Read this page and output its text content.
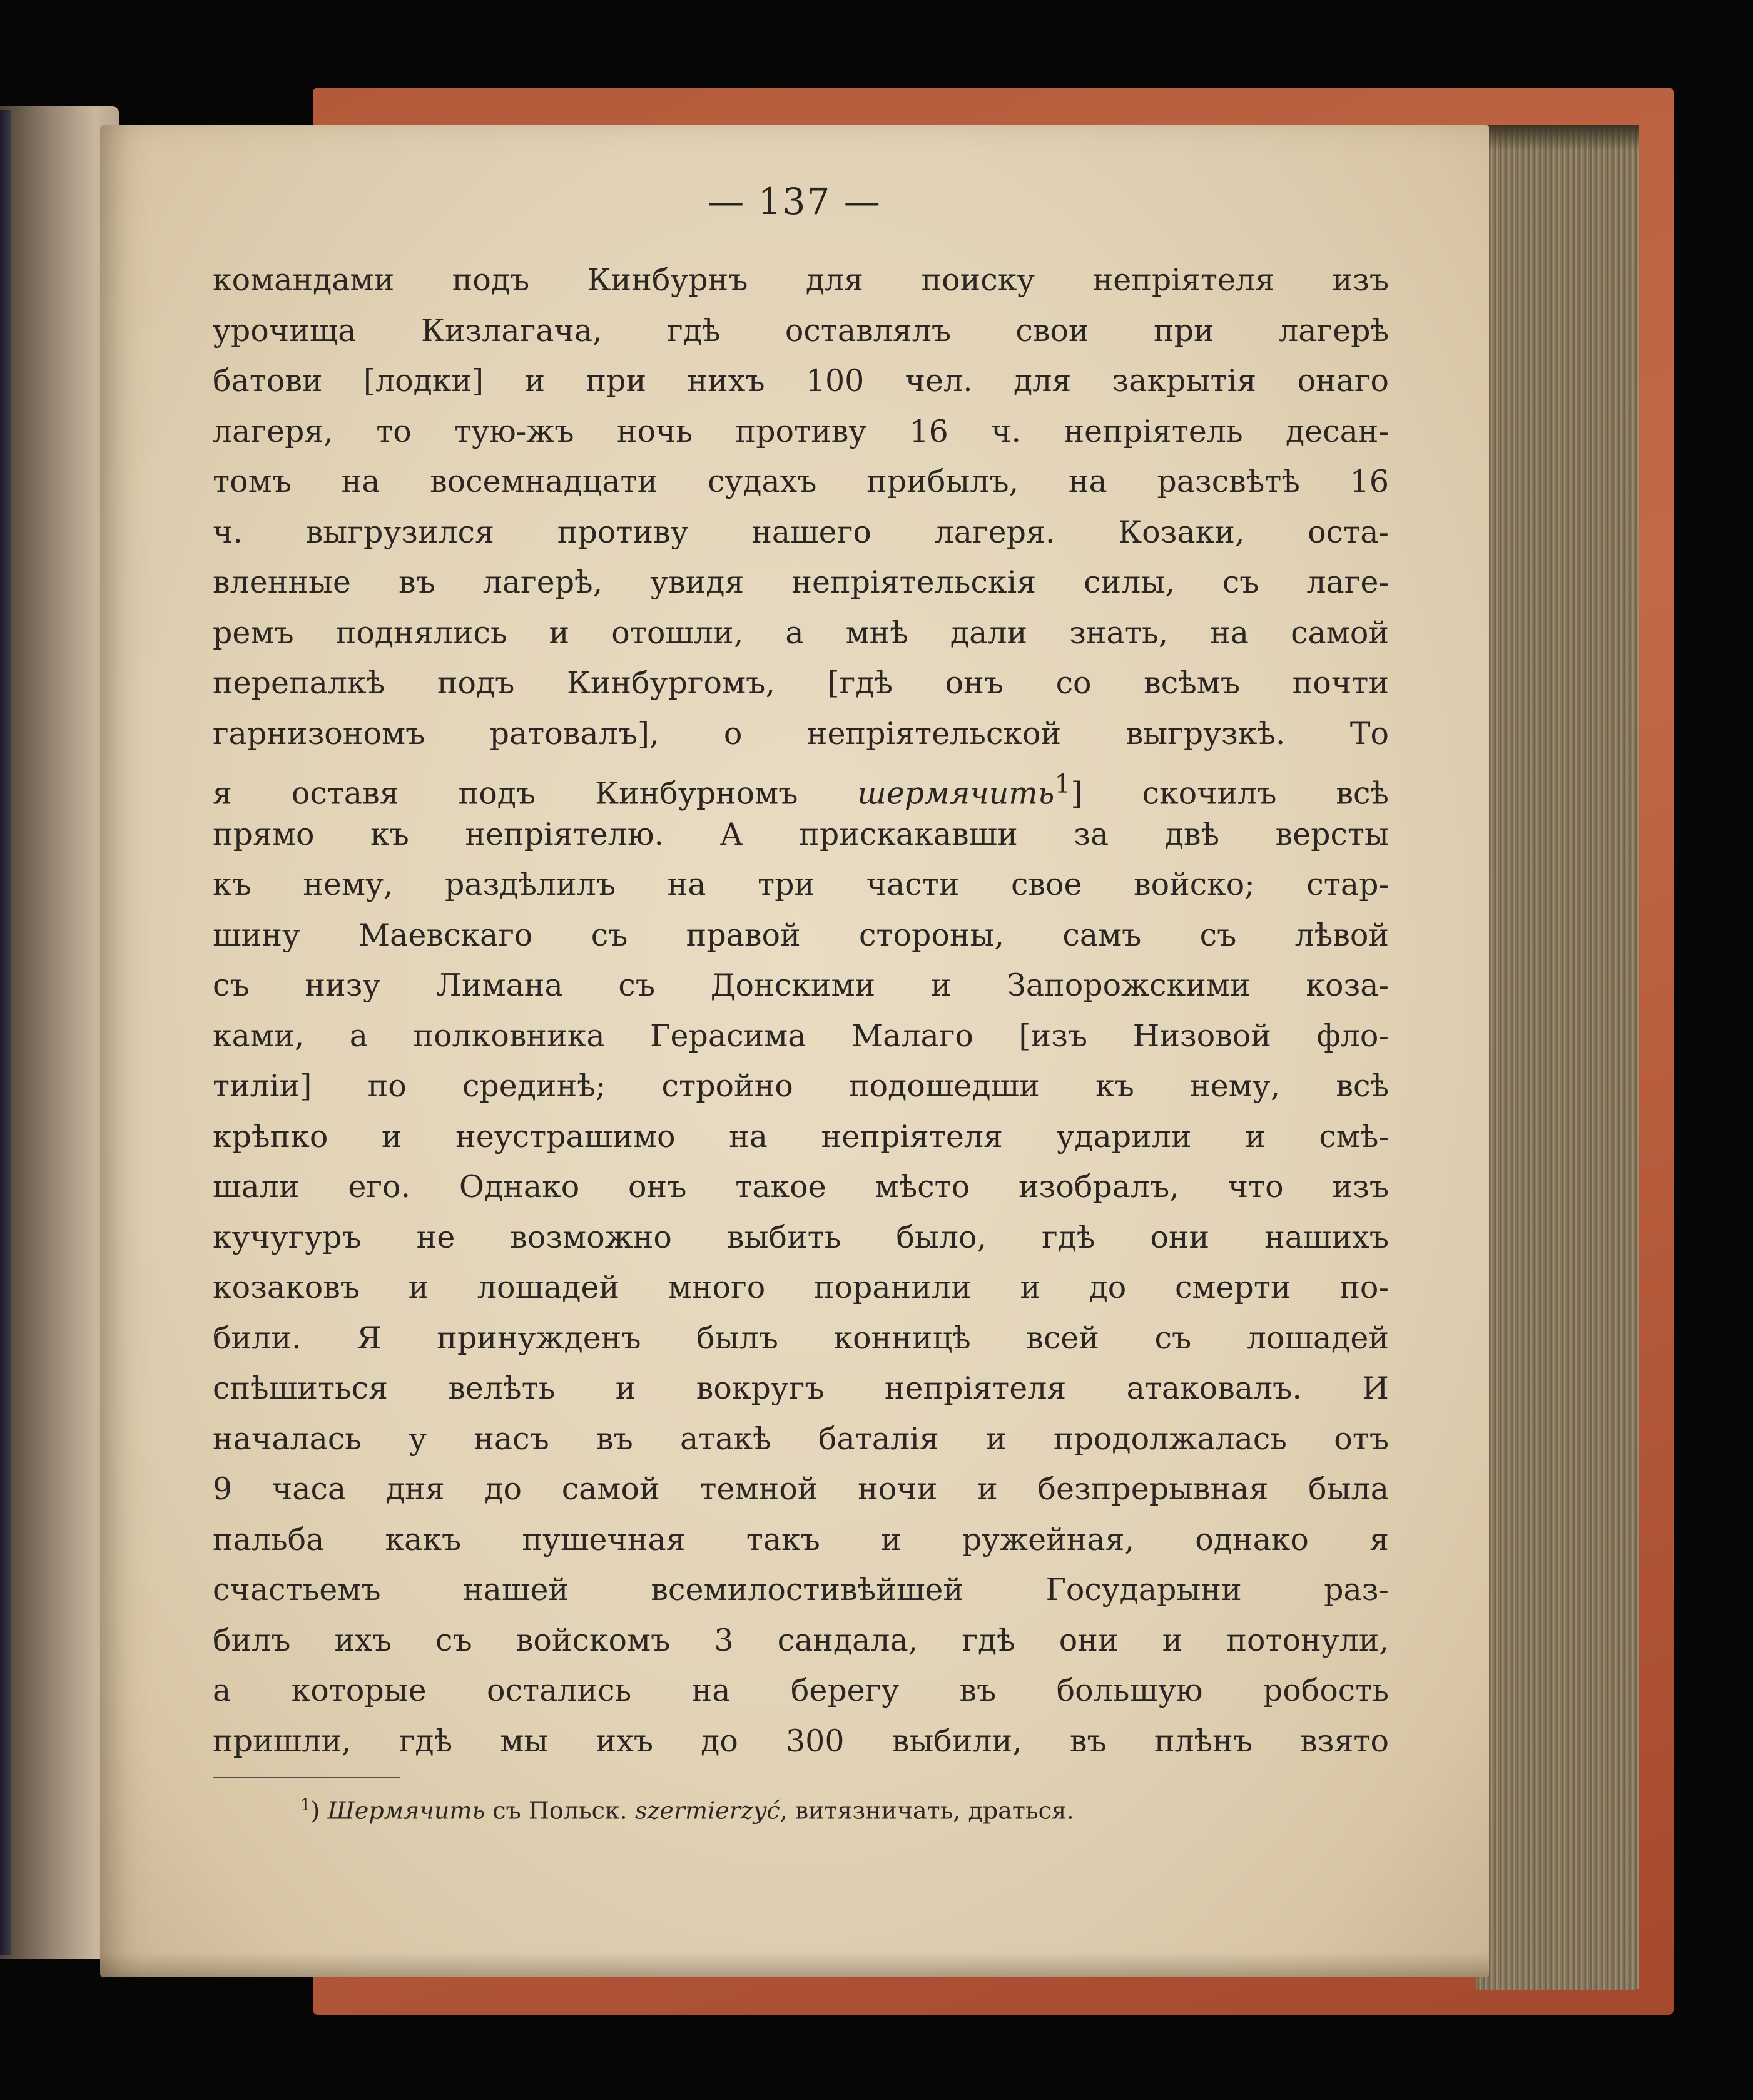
— 137 —
командами подъ Кинбурнъ для поиску непріятеля изъ
урочища Кизлагача, гдѣ оставлялъ свои при лагерѣ
батови [лодки] и при нихъ 100 чел. для закрытія онаго
лагеря, то тую-жъ ночь противу 16 ч. непріятель десан-
томъ на восемнадцати судахъ прибылъ, на разсвѣтѣ 16
ч. выгрузился противу нашего лагеря. Козаки, оста-
вленные въ лагерѣ, увидя непріятельскія силы, съ лаге-
ремъ поднялись и отошли, а мнѣ дали знать, на самой
перепалкѣ подъ Кинбургомъ, [гдѣ онъ со всѣмъ почти
гарнизономъ ратовалъ], о непріятельской выгрузкѣ. То
я оставя подъ Кинбурномъ шермячить$^1$] скочилъ всѣ
прямо къ непріятелю. А прискакавши за двѣ версты
къ нему, раздѣлилъ на три части свое войско; стар-
шину Маевскаго съ правой стороны, самъ съ лѣвой
съ низу Лимана съ Донскими и Запорожскими коза-
ками, а полковника Герасима Малаго [изъ Низовой фло-
тиліи] по срединѣ; стройно подошедши къ нему, всѣ
крѣпко и неустрашимо на непріятеля ударили и смѣ-
шали его. Однако онъ такое мѣсто изобралъ, что изъ
кучугуръ не возможно выбить было, гдѣ они нашихъ
козаковъ и лошадей много поранили и до смерти по-
били. Я принужденъ былъ конницѣ всей съ лошадей
спѣшиться велѣть и вокругъ непріятеля атаковалъ. И
началась у насъ въ атакѣ баталія и продолжалась отъ
9 часа дня до самой темной ночи и безпрерывная была
пальба какъ пушечная такъ и ружейная, однако я
счастьемъ нашей всемилостивѣйшей Государыни раз-
билъ ихъ съ войскомъ 3 сандала, гдѣ они и потонули,
а которые остались на берегу въ большую робость
пришли, гдѣ мы ихъ до 300 выбили, въ плѣнъ взято
$^1$) Шермячить съ Польск. szermierzyć, витязничать, драться.
